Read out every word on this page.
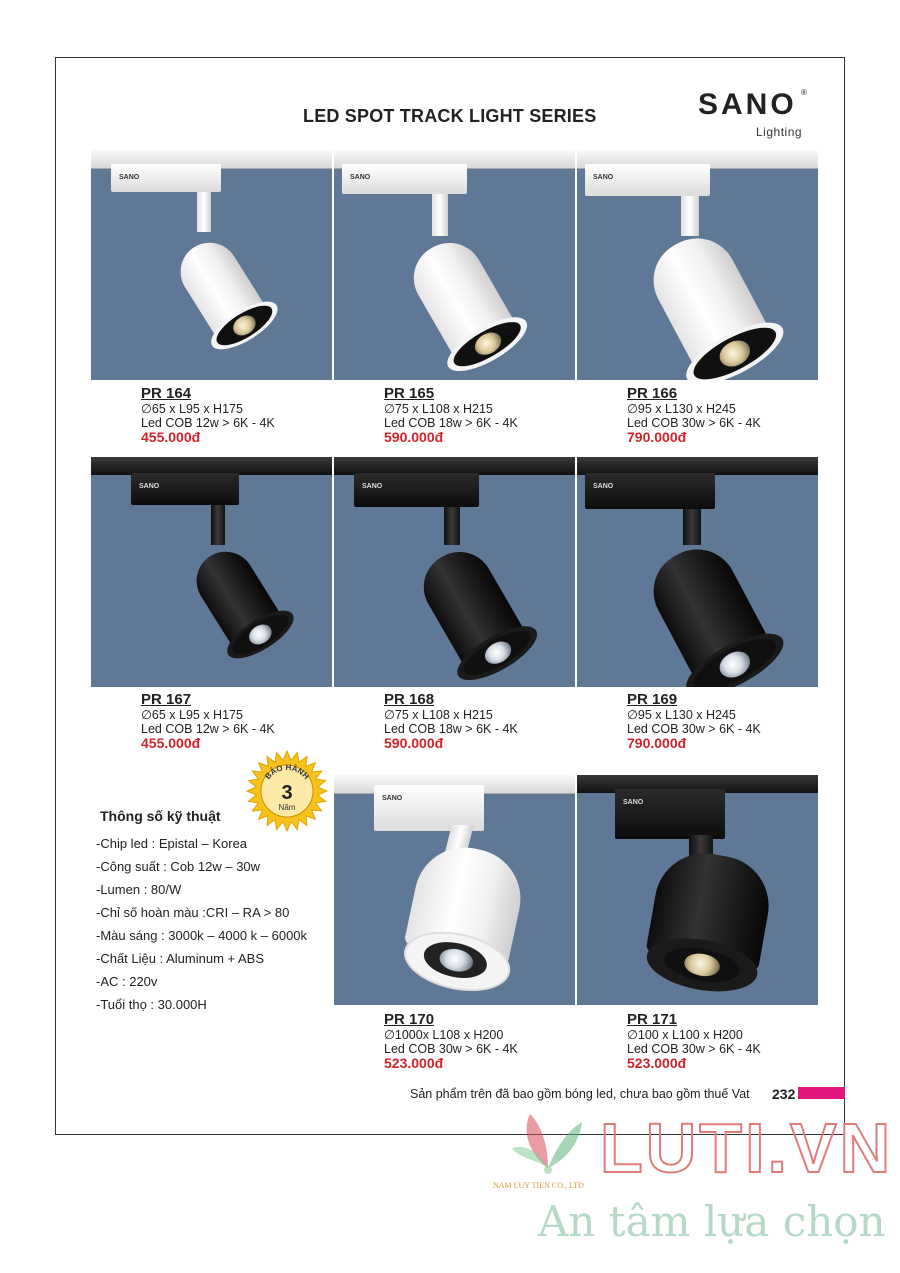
LED SPOT TRACK LIGHT SERIES	SANO ®
Lighting
SANO	SANO	SANO
PR 164
∅65 x L95 x H175
Led COB 12w > 6K - 4K
455.000đ
PR 165
∅75 x L108 x H215
Led COB 18w > 6K - 4K
590.000đ
PR 166
∅95 x L130 x H245
Led COB 30w > 6K - 4K
790.000đ
SANO	SANO	SANO
PR 167
∅65 x L95 x H175
Led COB 12w > 6K - 4K
455.000đ
PR 168
∅75 x L108 x H215
Led COB 18w > 6K - 4K
590.000đ
PR 169
∅95 x L130 x H245
Led COB 30w > 6K - 4K
790.000đ
BẢO HÀNH
3
Năm
Thông số kỹ thuật
-Chip led : Epistal – Korea
-Công suất : Cob 12w – 30w
-Lumen : 80/W
-Chỉ số hoàn màu :CRI – RA > 80
-Màu sáng : 3000k – 4000 k – 6000k
-Chất Liệu : Aluminum + ABS
-AC : 220v
-Tuổi thọ : 30.000H
SANO
SANO
PR 170
∅1000x L108 x H200
Led COB 30w > 6K - 4K
523.000đ
PR 171
∅100 x L100 x H200
Led COB 30w > 6K - 4K
523.000đ
Sản phẩm trên đã bao gồm bóng led, chưa bao gồm thuế Vat 232
LUTI.VN
NAM LUY TIEN CO., LTD
An tâm lựa chọn
